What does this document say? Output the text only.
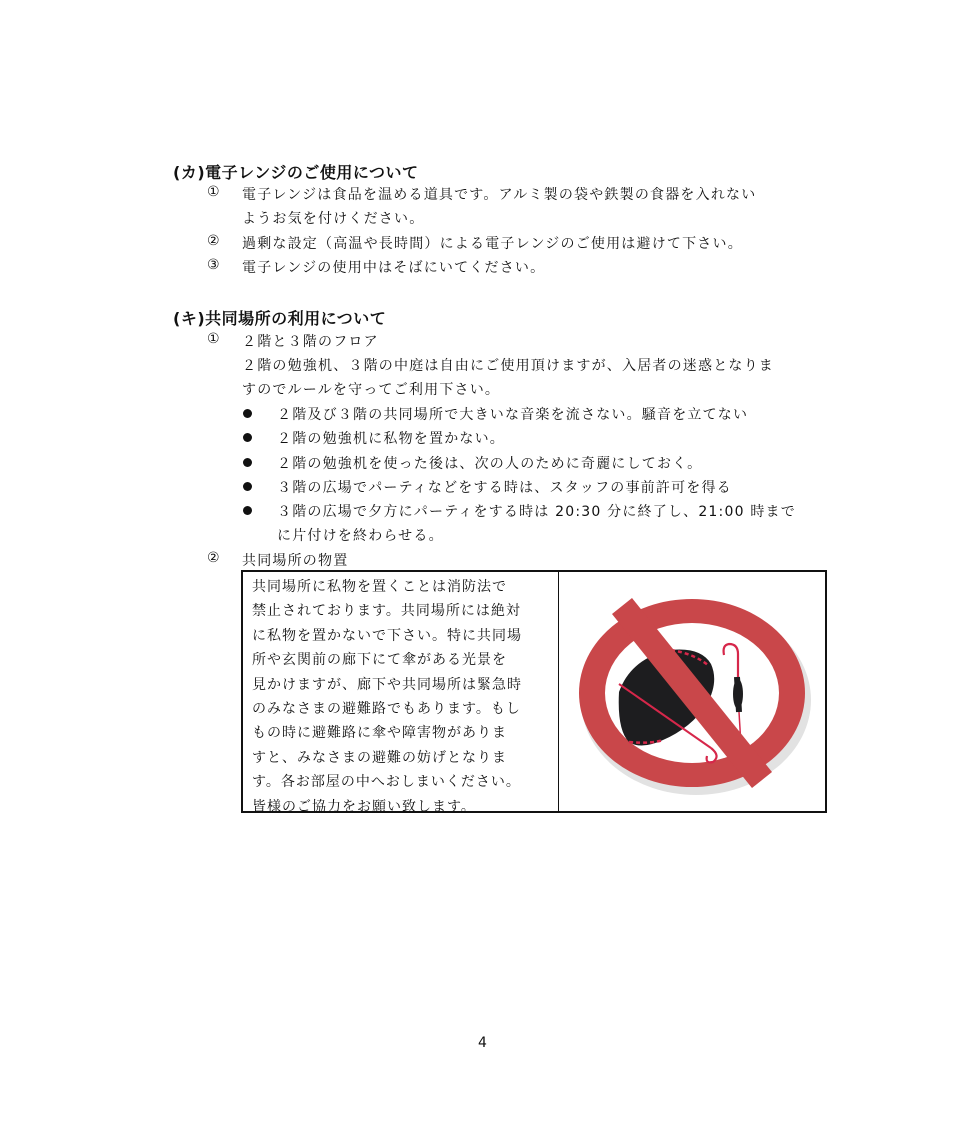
(カ)電子レンジのご使用について
① 電子レンジは食品を温める道具です。アルミ製の袋や鉄製の食器を入れない
ようお気を付けください。
② 過剰な設定（高温や長時間）による電子レンジのご使用は避けて下さい。
③ 電子レンジの使用中はそばにいてください。
(キ)共同場所の利用について
① ２階と３階のフロア
２階の勉強机、３階の中庭は自由にご使用頂けますが、入居者の迷惑となりま
すのでルールを守ってご利用下さい。
２階及び３階の共同場所で大きいな音楽を流さない。騒音を立てない
２階の勉強机に私物を置かない。
２階の勉強机を使った後は、次の人のために奇麗にしておく。
３階の広場でパーティなどをする時は、スタッフの事前許可を得る
３階の広場で夕方にパーティをする時は 20:30 分に終了し、21:00 時まで
に片付けを終わらせる。
② 共同場所の物置
共同場所に私物を置くことは消防法で
禁止されております。共同場所には絶対
に私物を置かないで下さい。特に共同場
所や玄関前の廊下にて傘がある光景を
見かけますが、廊下や共同場所は緊急時
のみなさまの避難路でもあります。もし
もの時に避難路に傘や障害物がありま
すと、みなさまの避難の妨げとなりま
す。各お部屋の中へおしまいください。
皆様のご協力をお願い致します。
4
